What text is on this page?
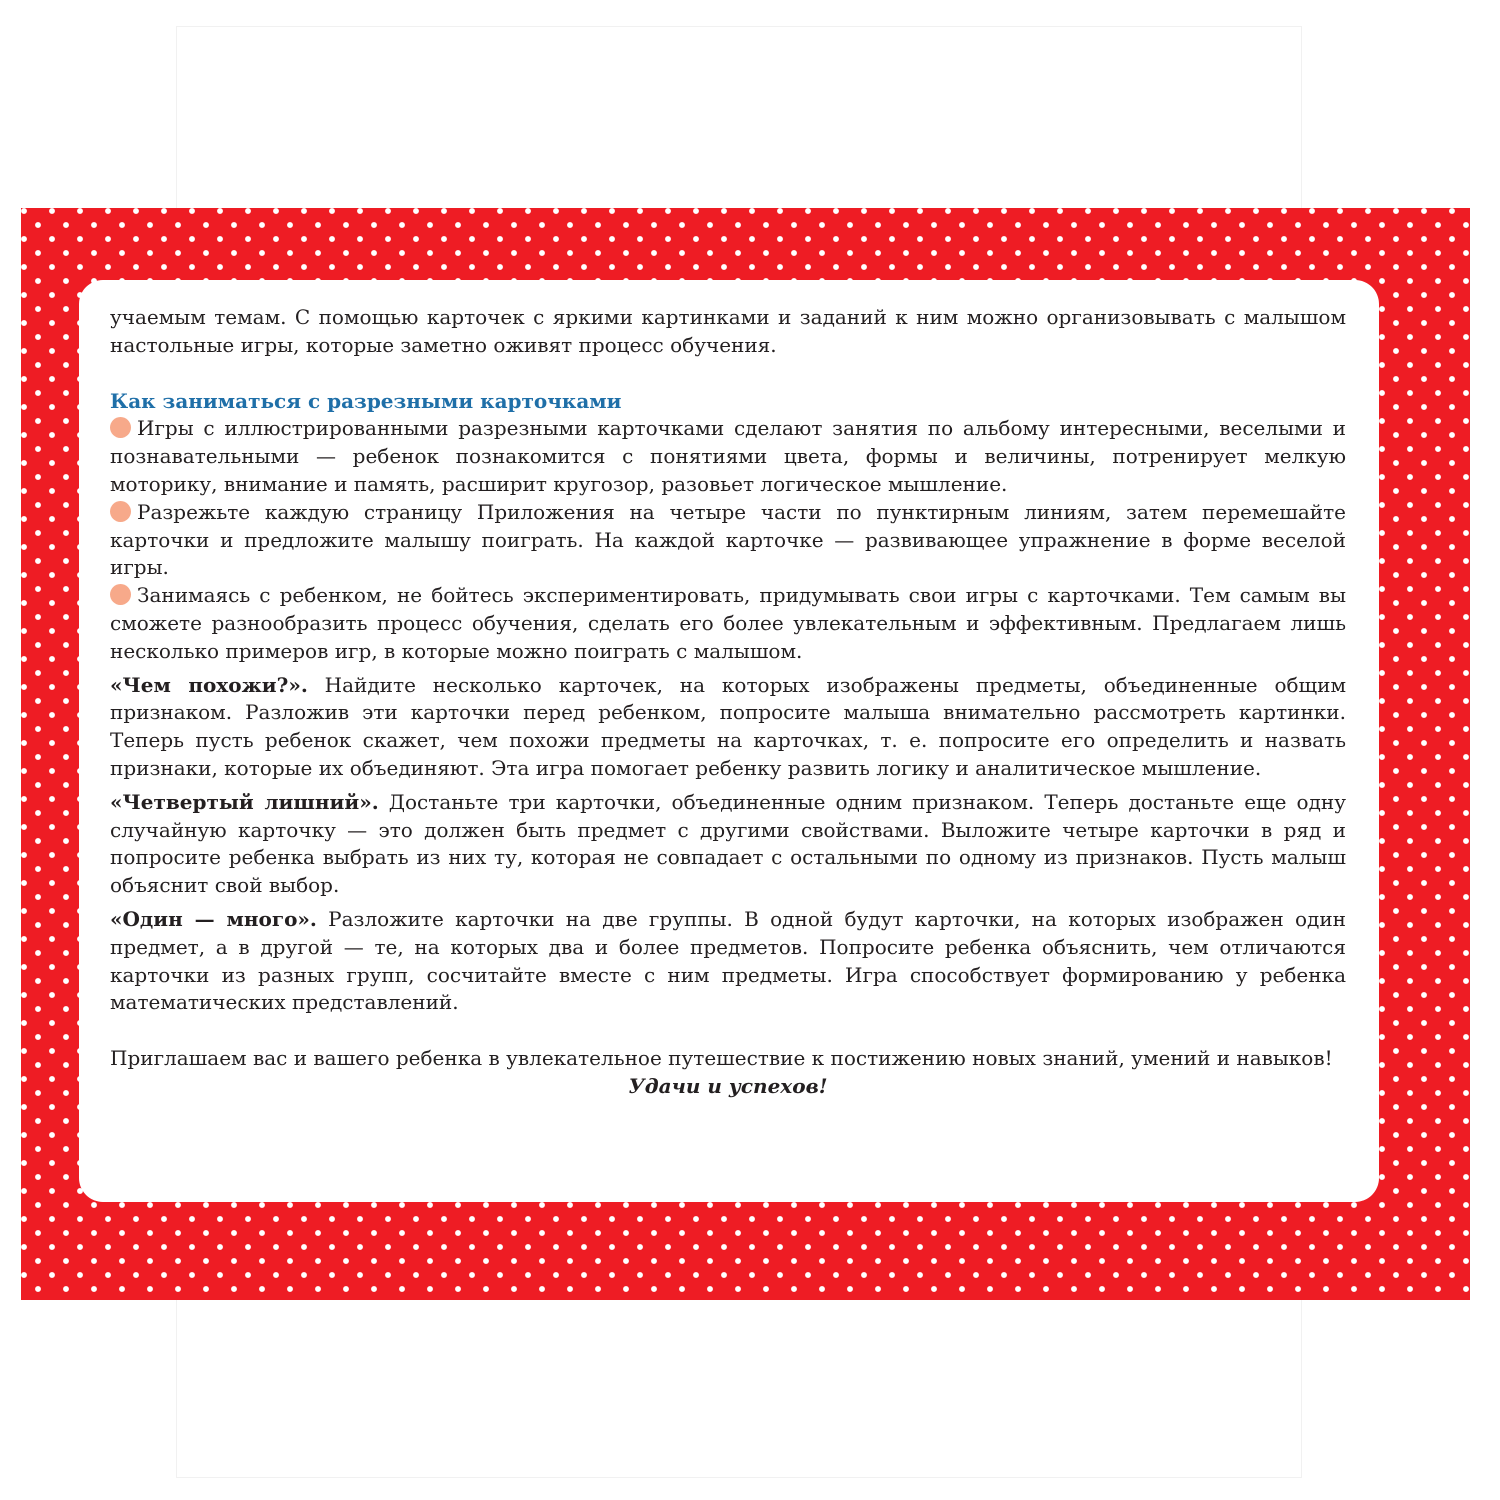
учаемым темам. С помощью карточек с яркими картинками и заданий к ним можно организовывать с малышом настольные игры, которые заметно оживят процесс обучения.

Как заниматься с разрезными карточками

Игры с иллюстрированными разрезными карточками сделают занятия по альбому интересными, веселыми и познавательными — ребенок познакомится с понятиями цвета, формы и величины, потренирует мелкую моторику, внимание и память, расширит кругозор, разовьет логическое мышление.

Разрежьте каждую страницу Приложения на четыре части по пунктирным линиям, затем перемешайте карточки и предложите малышу поиграть. На каждой карточке — развивающее упражнение в форме веселой игры.

Занимаясь с ребенком, не бойтесь экспериментировать, придумывать свои игры с карточками. Тем самым вы сможете разнообразить процесс обучения, сделать его более увлекательным и эффективным. Предлагаем лишь несколько примеров игр, в которые можно поиграть с малышом.

«Чем похожи?». Найдите несколько карточек, на которых изображены предметы, объединенные общим признаком. Разложив эти карточки перед ребенком, попросите малыша внимательно рассмотреть картинки. Теперь пусть ребенок скажет, чем похожи предметы на карточках, т. е. попросите его определить и назвать признаки, которые их объединяют. Эта игра помогает ребенку развить логику и аналитическое мышление.

«Четвертый лишний». Достаньте три карточки, объединенные одним признаком. Теперь достаньте еще одну случайную карточку — это должен быть предмет с другими свойствами. Выложите четыре карточки в ряд и попросите ребенка выбрать из них ту, которая не совпадает с остальными по одному из признаков. Пусть малыш объяснит свой выбор.

«Один — много». Разложите карточки на две группы. В одной будут карточки, на которых изображен один предмет, а в другой — те, на которых два и более предметов. Попросите ребенка объяснить, чем отличаются карточки из разных групп, сосчитайте вместе с ним предметы. Игра способствует формированию у ребенка математических представлений.

Приглашаем вас и вашего ребенка в увлекательное путешествие к постижению новых знаний, умений и навыков!

Удачи и успехов!
